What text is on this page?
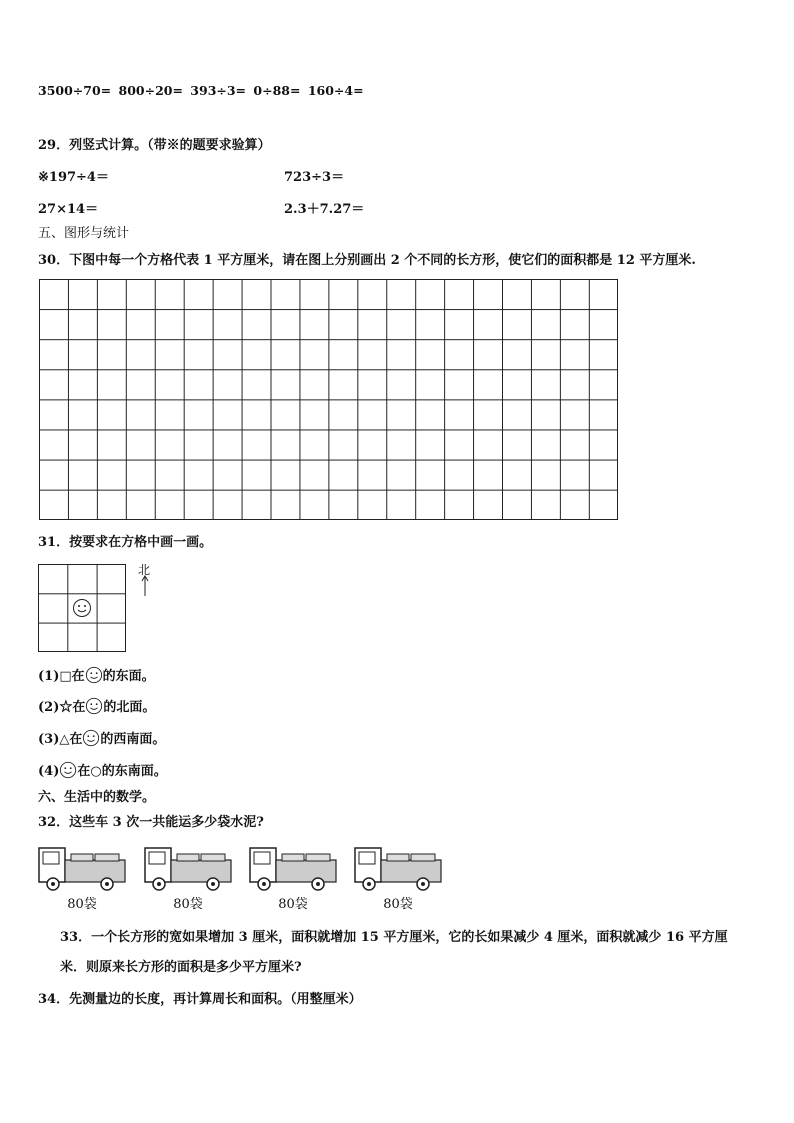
3500÷70= 800÷20= 393÷3= 0÷88= 160÷4=
29．列竖式计算。（带※的题要求验算）
※197÷4＝	723÷3＝
27×14＝	2.3＋7.27＝
五、图形与统计
30．下图中每一个方格代表 1 平方厘米，请在图上分别画出 2 个不同的长方形，使它们的面积都是 12 平方厘米.
31．按要求在方格中画一画。
北
(1)□在 的东面。
(2)☆在 的北面。
(3)△在 的西南面。
(4) 在○的东南面。
六、生活中的数学。
32．这些车 3 次一共能运多少袋水泥?
80袋	80袋	80袋	80袋
33．一个长方形的宽如果增加 3 厘米，面积就增加 15 平方厘米，它的长如果减少 4 厘米，面积就减少 16 平方厘
米．则原来长方形的面积是多少平方厘米?
34．先测量边的长度，再计算周长和面积。（用整厘米）
